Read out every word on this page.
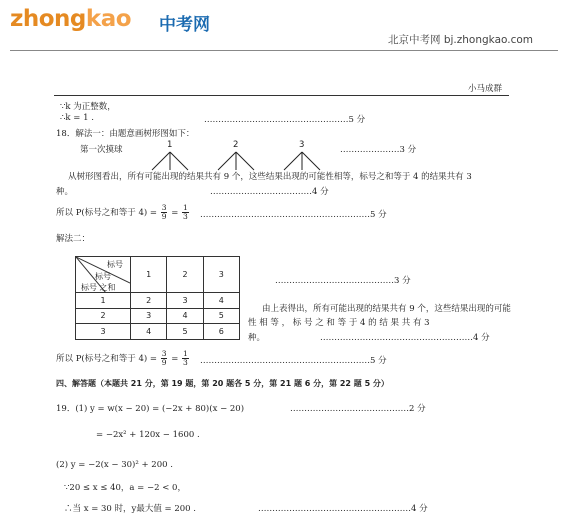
zhongkao 中考网
北京中考网 bj.zhongkao.com
小马成群
∵k 为正整数，
∴k = 1 .	……………………………………………5 分
18．解法一：由题意画树形图如下：
第一次摸球	1	2	3	…………………3 分
从树形图看出，所有可能出现的结果共有 9 个，这些结果出现的可能性相等，标号之和等于 4 的结果共有 3
种。	………………………………4 分
所以 P(标号之和等于 $4) = \frac{3}{9} = \frac{1}{3}$ ……………………………………………………5 分
解法二：
标号
标号
标号 之和	1	2	3
1	2	3	4
2	3	4	5
3	4	5	6
……………………………………3 分
由上表得出，所有可能出现的结果共有 9 个，这些结果出现的可能
性 相 等 ， 标 号 之 和 等 于 4 的 结 果 共 有 3
种。	………………………………………………4 分
所以 P(标号之和等于 $4) = \frac{3}{9} = \frac{1}{3}$ ……………………………………………………5 分
四、解答题（本题共 21 分，第 19 题，第 20 题各 5 分，第 21 题 6 分，第 22 题 5 分）
19．(1) y = w(x − 20) = (−2x + 80)(x − 20)	……………………………………2 分
= −2x² + 120x − 1600 .
(2) y = −2(x − 30)² + 200 .
∵20 ≤ x ≤ 40，a = −2 < 0，
∴当 x = 30 时，y最大值 = 200 .	………………………………………………4 分
